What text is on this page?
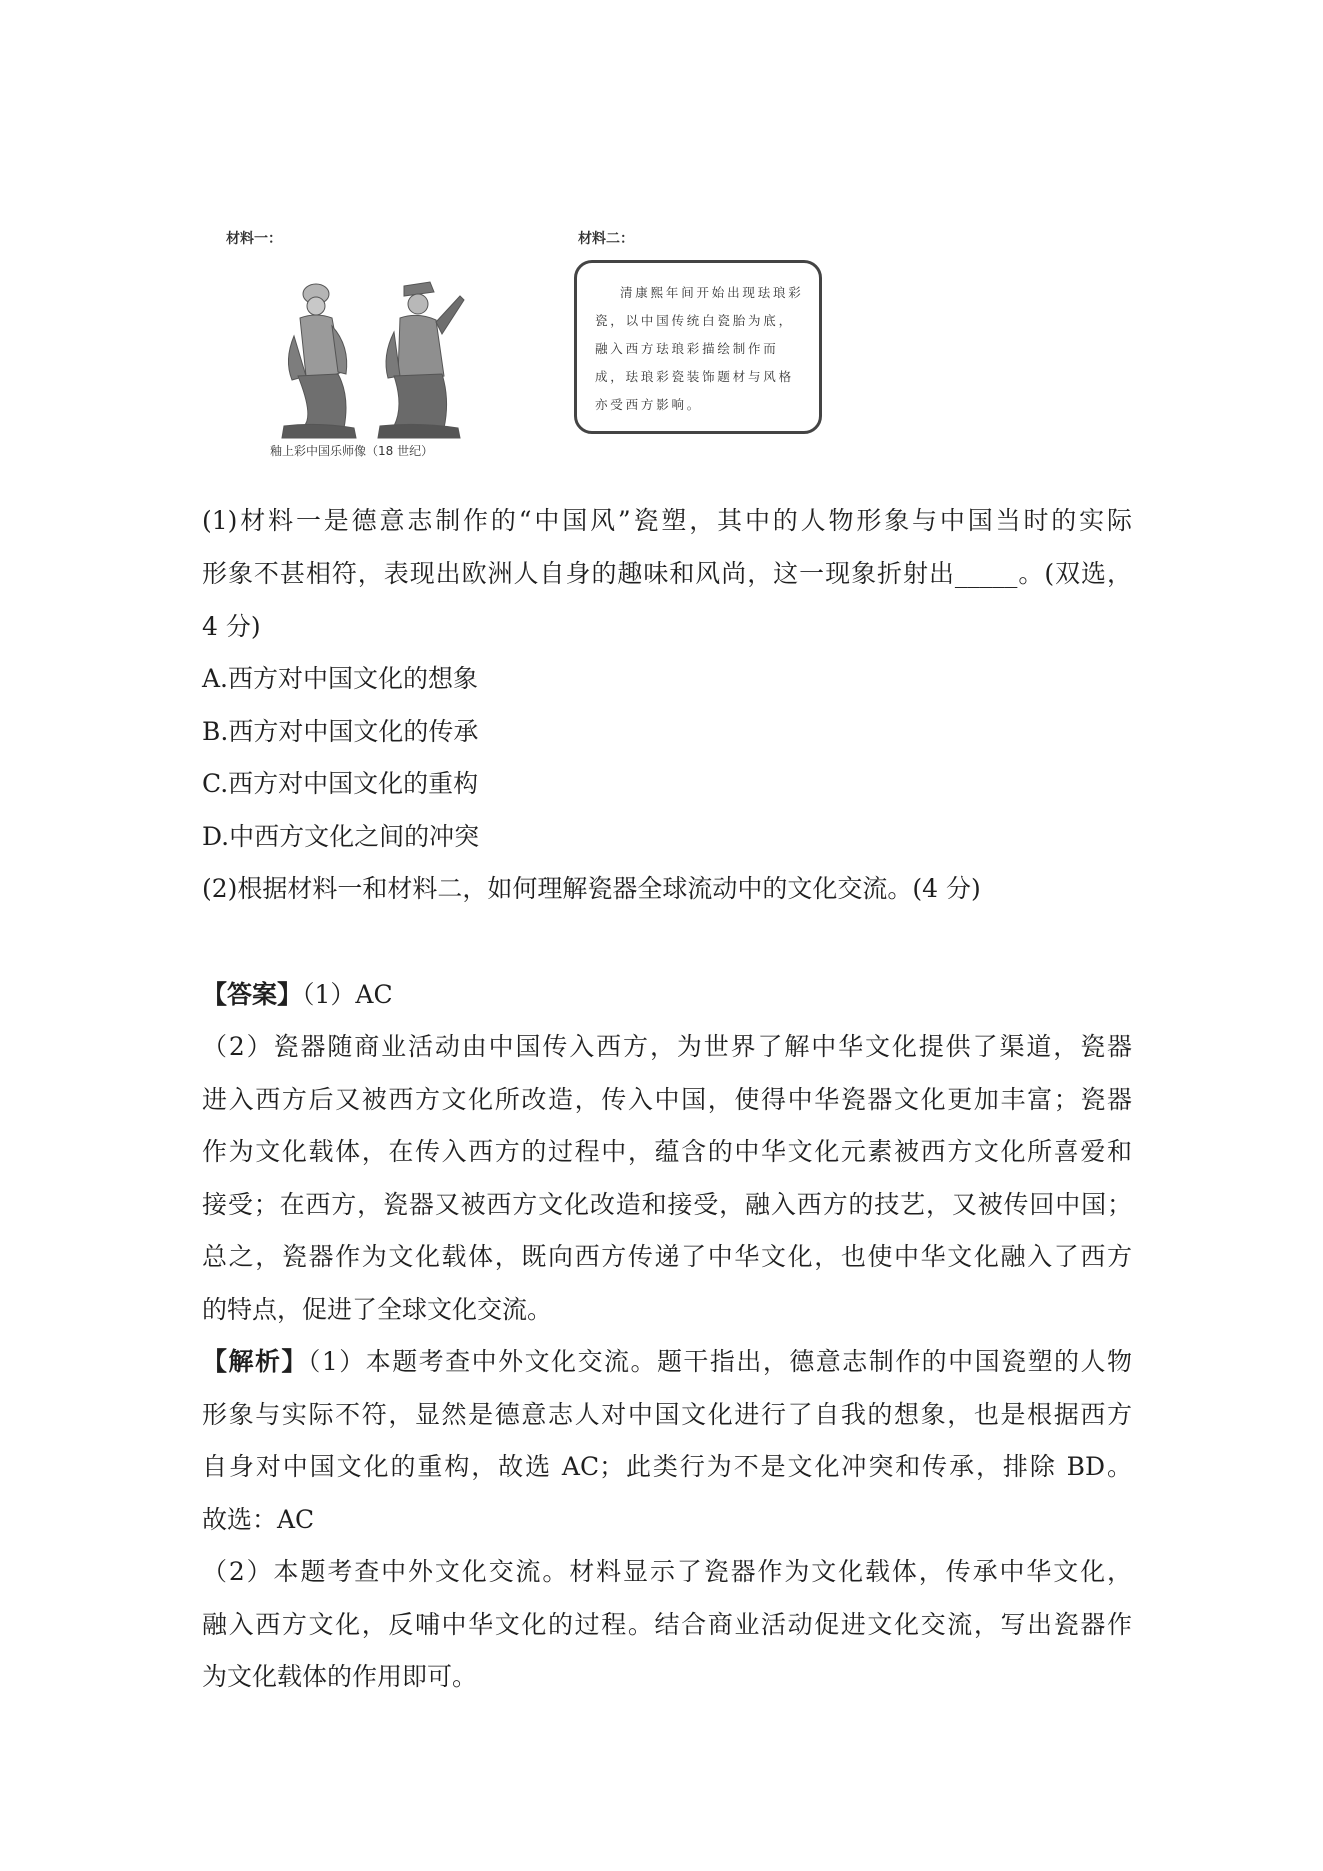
材料一：	材料二：
釉上彩中国乐师像（18 世纪）
清康熙年间开始出现珐琅彩瓷，以中国传统白瓷胎为底，融入西方珐琅彩描绘制作而成，珐琅彩瓷装饰题材与风格亦受西方影响。
(1)材料一是德意志制作的“中国风”瓷塑，其中的人物形象与中国当时的实际
形象不甚相符，表现出欧洲人自身的趣味和风尚，这一现象折射出_____。(双选，
4 分)
A.西方对中国文化的想象
B.西方对中国文化的传承
C.西方对中国文化的重构
D.中西方文化之间的冲突
(2)根据材料一和材料二，如何理解瓷器全球流动中的文化交流。(4 分)
【答案】（1）AC
（2）瓷器随商业活动由中国传入西方，为世界了解中华文化提供了渠道，瓷器
进入西方后又被西方文化所改造，传入中国，使得中华瓷器文化更加丰富；瓷器
作为文化载体，在传入西方的过程中，蕴含的中华文化元素被西方文化所喜爱和
接受；在西方，瓷器又被西方文化改造和接受，融入西方的技艺，又被传回中国；
总之，瓷器作为文化载体，既向西方传递了中华文化，也使中华文化融入了西方
的特点，促进了全球文化交流。
【解析】（1）本题考查中外文化交流。题干指出，德意志制作的中国瓷塑的人物
形象与实际不符，显然是德意志人对中国文化进行了自我的想象，也是根据西方
自身对中国文化的重构，故选 AC；此类行为不是文化冲突和传承，排除 BD。
故选：AC
（2）本题考查中外文化交流。材料显示了瓷器作为文化载体，传承中华文化，
融入西方文化，反哺中华文化的过程。结合商业活动促进文化交流，写出瓷器作
为文化载体的作用即可。
